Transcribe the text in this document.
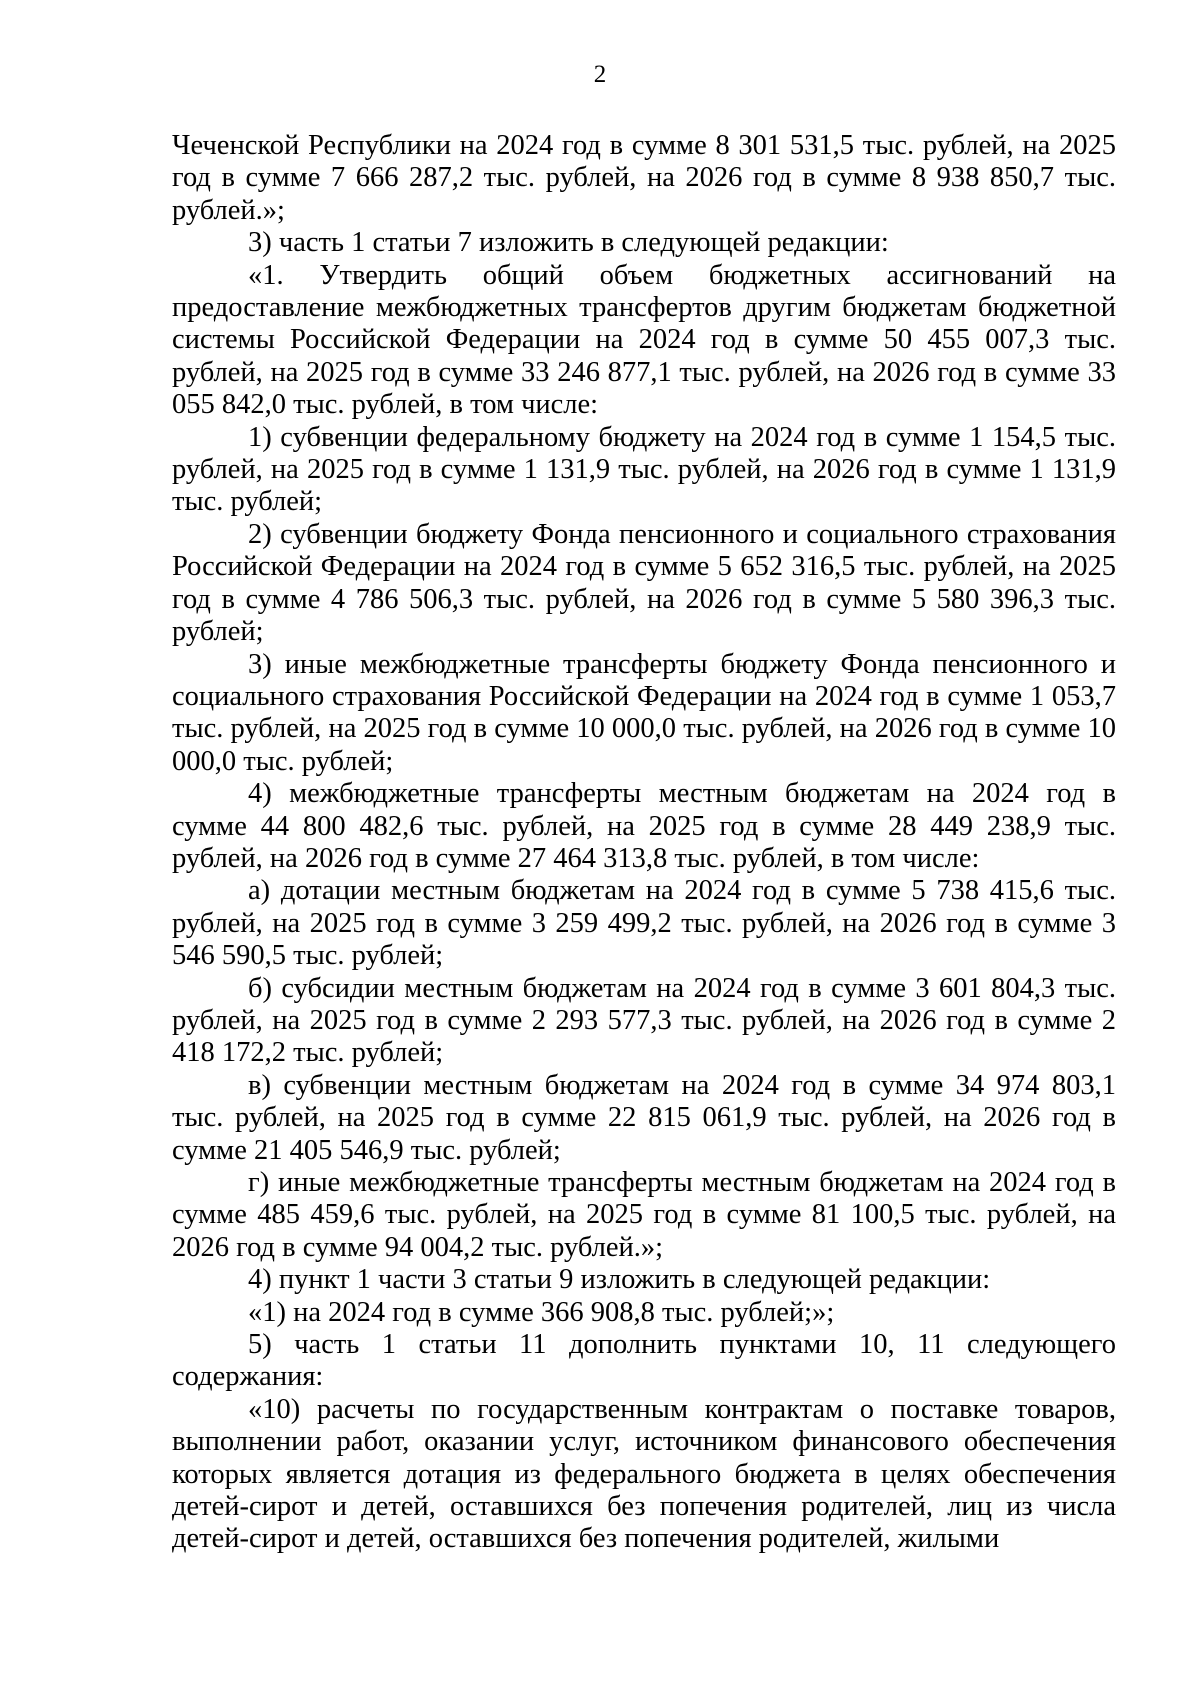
2

Чеченской Республики на 2024 год в сумме 8 301 531,5 тыс. рублей, на 2025 год в сумме 7 666 287,2 тыс. рублей, на 2026 год в сумме 8 938 850,7 тыс. рублей.»;

3) часть 1 статьи 7 изложить в следующей редакции:

«1. Утвердить общий объем бюджетных ассигнований на предоставление межбюджетных трансфертов другим бюджетам бюджетной системы Российской Федерации на 2024 год в сумме 50 455 007,3 тыс. рублей, на 2025 год в сумме 33 246 877,1 тыс. рублей, на 2026 год в сумме 33 055 842,0 тыс. рублей, в том числе:

1) субвенции федеральному бюджету на 2024 год в сумме 1 154,5 тыс. рублей, на 2025 год в сумме 1 131,9 тыс. рублей, на 2026 год в сумме 1 131,9 тыс. рублей;

2) субвенции бюджету Фонда пенсионного и социального страхования Российской Федерации на 2024 год в сумме 5 652 316,5 тыс. рублей, на 2025 год в сумме 4 786 506,3 тыс. рублей, на 2026 год в сумме 5 580 396,3 тыс. рублей;

3) иные межбюджетные трансферты бюджету Фонда пенсионного и социального страхования Российской Федерации на 2024 год в сумме 1 053,7 тыс. рублей, на 2025 год в сумме 10 000,0 тыс. рублей, на 2026 год в сумме 10 000,0 тыс. рублей;

4) межбюджетные трансферты местным бюджетам на 2024 год в сумме 44 800 482,6 тыс. рублей, на 2025 год в сумме 28 449 238,9 тыс. рублей, на 2026 год в сумме 27 464 313,8 тыс. рублей, в том числе:

а) дотации местным бюджетам на 2024 год в сумме 5 738 415,6 тыс. рублей, на 2025 год в сумме 3 259 499,2 тыс. рублей, на 2026 год в сумме 3 546 590,5 тыс. рублей;

б) субсидии местным бюджетам на 2024 год в сумме 3 601 804,3 тыс. рублей, на 2025 год в сумме 2 293 577,3 тыс. рублей, на 2026 год в сумме 2 418 172,2 тыс. рублей;

в) субвенции местным бюджетам на 2024 год в сумме 34 974 803,1 тыс. рублей, на 2025 год в сумме 22 815 061,9 тыс. рублей, на 2026 год в сумме 21 405 546,9 тыс. рублей;

г) иные межбюджетные трансферты местным бюджетам на 2024 год в сумме 485 459,6 тыс. рублей, на 2025 год в сумме 81 100,5 тыс. рублей, на 2026 год в сумме 94 004,2 тыс. рублей.»;

4) пункт 1 части 3 статьи 9 изложить в следующей редакции:

«1) на 2024 год в сумме 366 908,8 тыс. рублей;»;

5) часть 1 статьи 11 дополнить пунктами 10, 11 следующего содержания:

«10) расчеты по государственным контрактам о поставке товаров, выполнении работ, оказании услуг, источником финансового обеспечения которых является дотация из федерального бюджета в целях обеспечения детей-сирот и детей, оставшихся без попечения родителей, лиц из числа детей-сирот и детей, оставшихся без попечения родителей, жилыми
